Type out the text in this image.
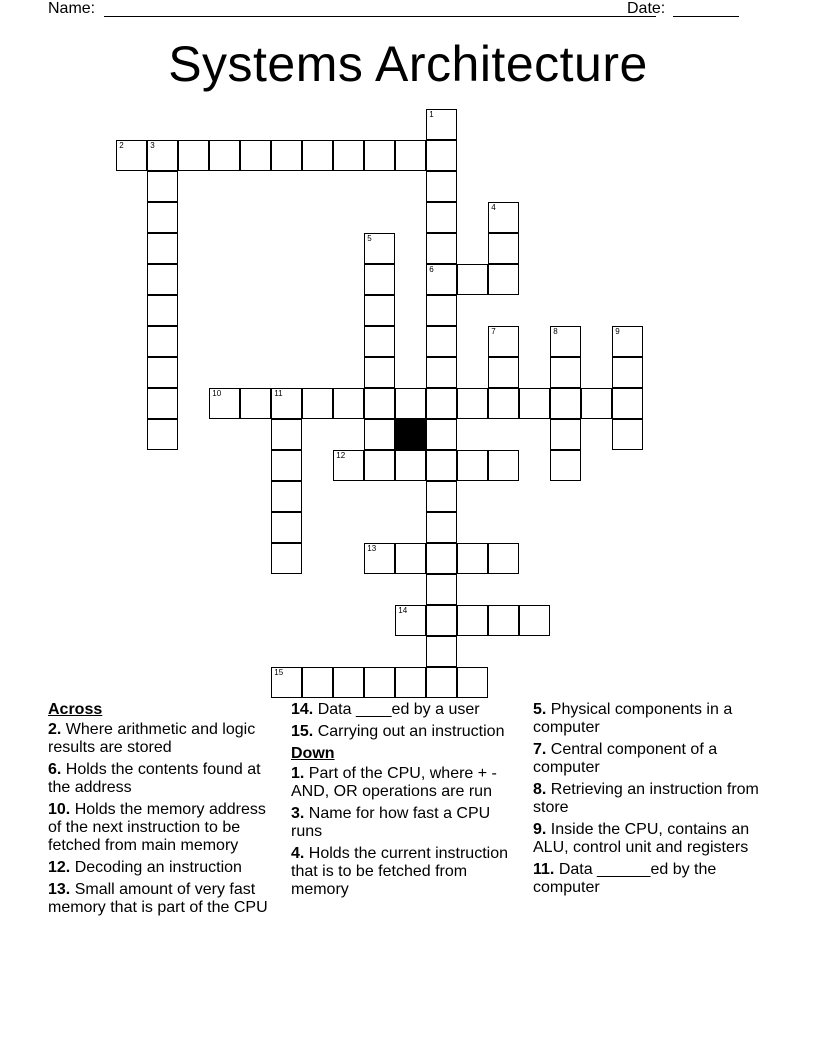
Name:	Date:
Systems Architecture
1
6
2	3
4
5
7	8	9
10	11
12
13
14
15
Across
2. Where arithmetic and logic results are stored
6. Holds the contents found at the address
10. Holds the memory address of the next instruction to be fetched from main memory
12. Decoding an instruction
13. Small amount of very fast memory that is part of the CPU
14. Data ____ed by a user
15. Carrying out an instruction
Down
1. Part of the CPU, where + - AND, OR operations are run
3. Name for how fast a CPU runs
4. Holds the current instruction that is to be fetched from memory
5. Physical components in a computer
7. Central component of a computer
8. Retrieving an instruction from store
9. Inside the CPU, contains an ALU, control unit and registers
11. Data ______ed by the computer
